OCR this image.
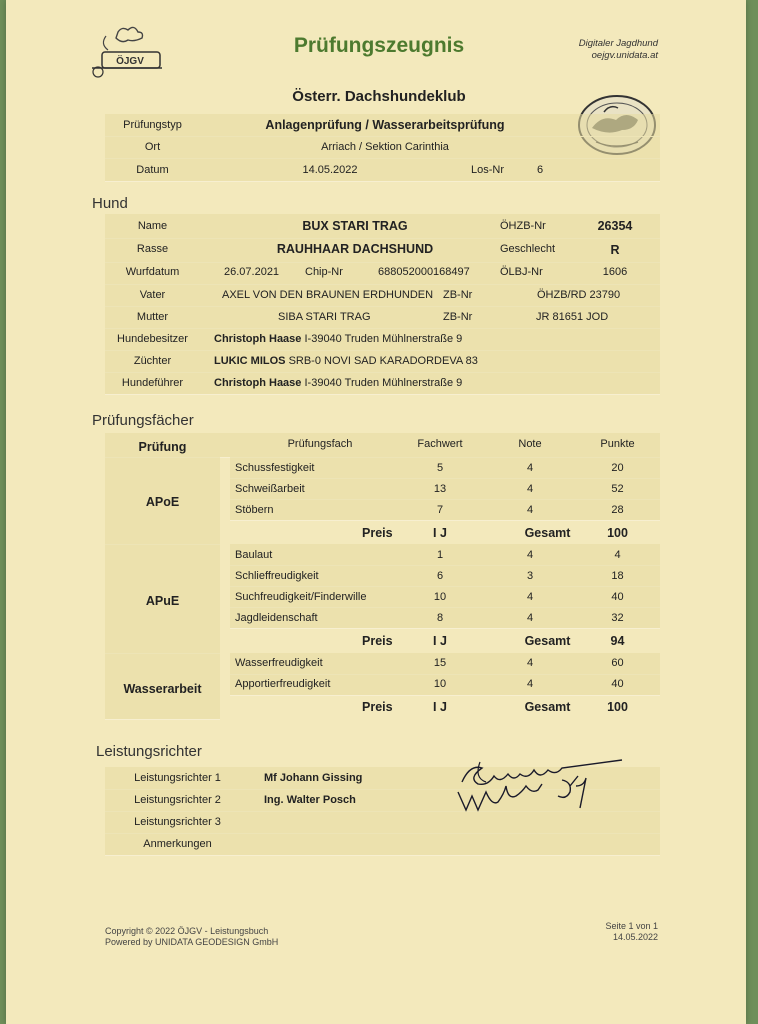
ÖJGV
Prüfungszeugnis	Digitaler Jagdhund
oejgv.unidata.at
Österr. Dachshundeklub
Prüfungstyp	Anlagenprüfung / Wasserarbeitsprüfung
Ort	Arriach / Sektion Carinthia
Datum	14.05.2022	Los-Nr	6
Hund
Name	BUX STARI TRAG	ÖHZB-Nr	26354
Rasse	RAUHHAAR DACHSHUND	Geschlecht	R
Wurfdatum	26.07.2021 Chip-Nr	688052000168497	ÖLBJ-Nr	1606
Vater	AXEL VON DEN BRAUNEN ERDHUNDEN ZB-Nr	ÖHZB/RD 23790
Mutter	SIBA STARI TRAG	ZB-Nr	JR 81651 JOD
Hundebesitzer	Christoph Haase I-39040 Truden Mühlnerstraße 9
Züchter	LUKIC MILOS SRB-0 NOVI SAD KARADORDEVA 83
Hundeführer	Christoph Haase I-39040 Truden Mühlnerstraße 9
Prüfungsfächer
Prüfung	Prüfungsfach	Fachwert	Note	Punkte
APoE
Schussfestigkeit	5	4	20
Schweißarbeit	13	4	52
Stöbern	7	4	28
Preis	I J	Gesamt	100
APuE
Baulaut	1	4	4
Schlieffreudigkeit	6	3	18
Suchfreudigkeit/Finderwille	10	4	40
Jagdleidenschaft	8	4	32
Preis	I J	Gesamt	94
Wasserarbeit
Wasserfreudigkeit	15	4	60
Apportierfreudigkeit	10	4	40
Preis	I J	Gesamt	100
Leistungsrichter
Leistungsrichter 1	Mf Johann Gissing
Leistungsrichter 2	Ing. Walter Posch
Leistungsrichter 3
Anmerkungen
Copyright © 2022 ÖJGV - Leistungsbuch
Powered by UNIDATA GEODESIGN GmbH
Seite 1 von 1
14.05.2022
